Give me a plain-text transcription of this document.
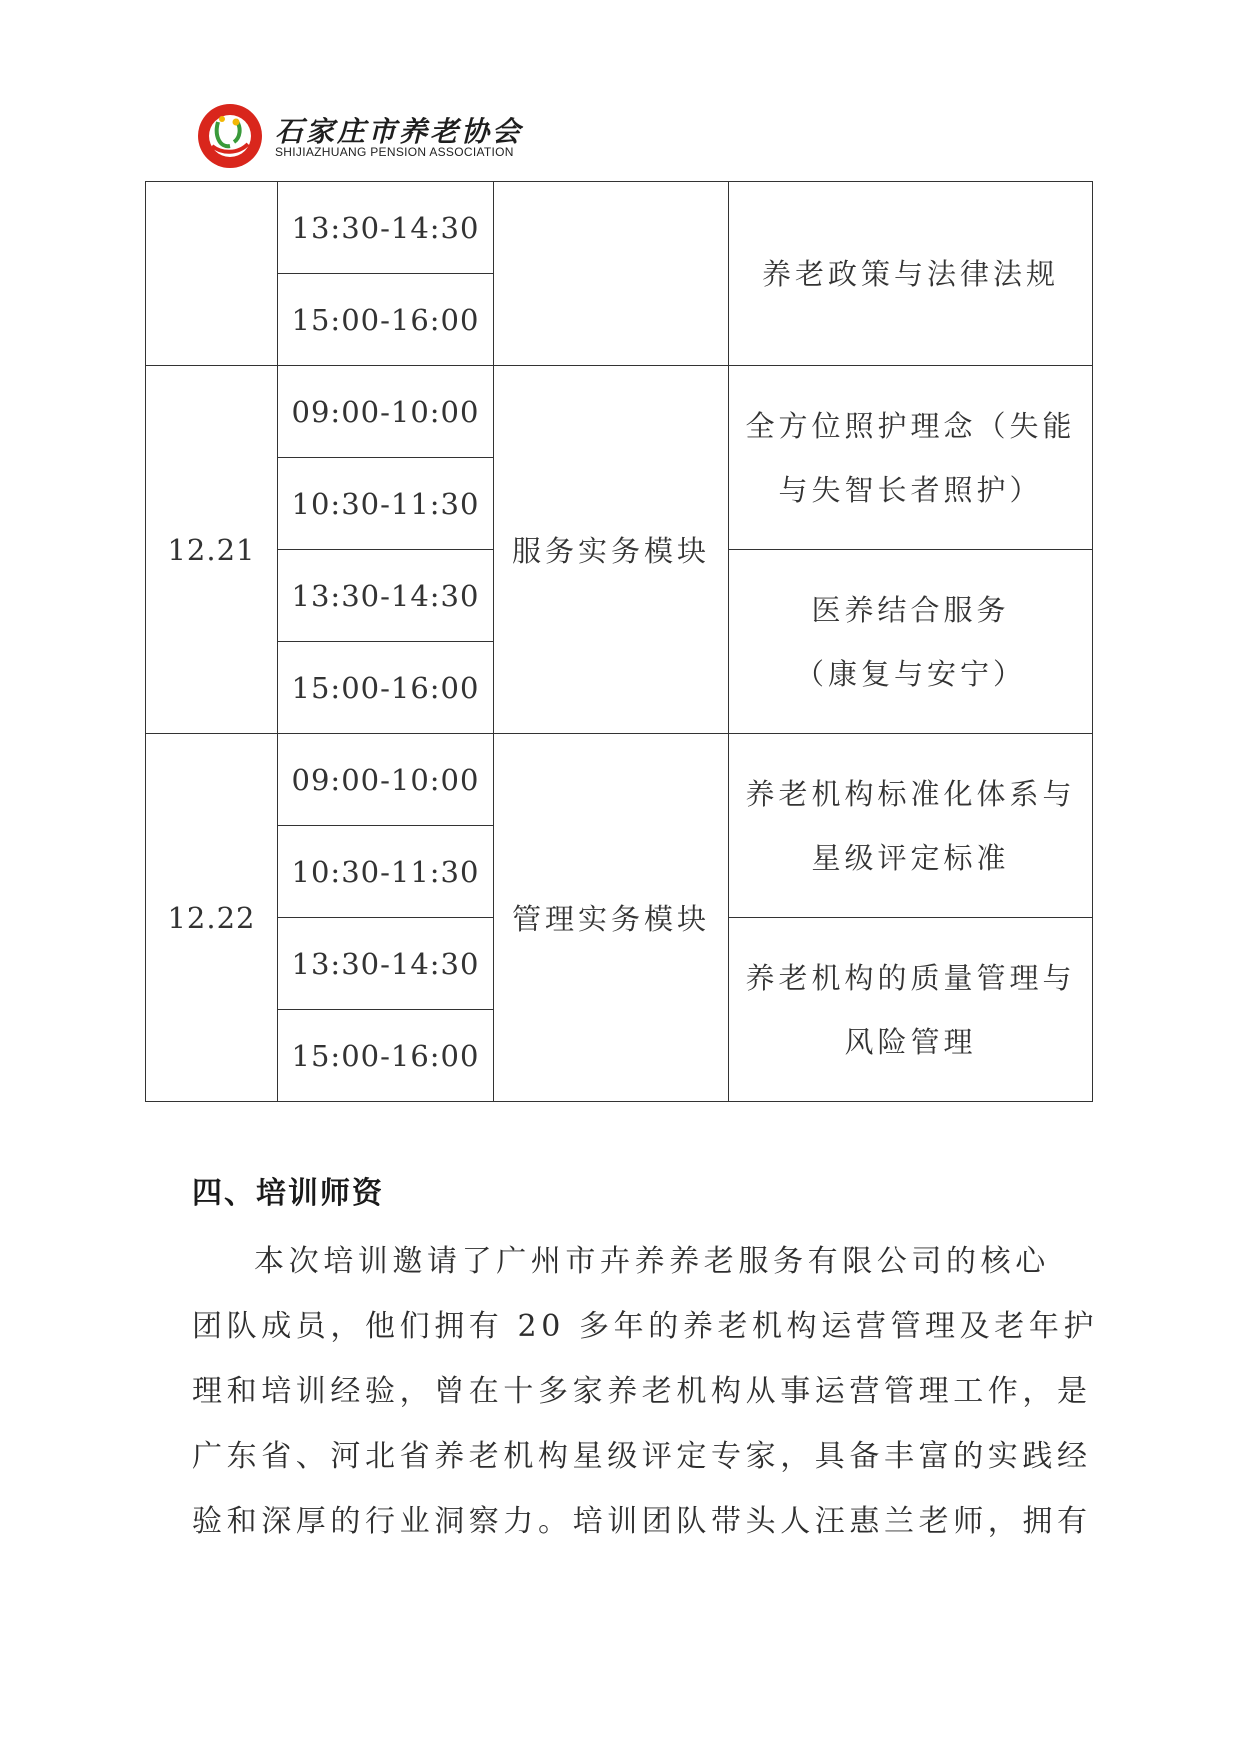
石家庄市养老协会
SHIJIAZHUANG PENSION ASSOCIATION
	13:30-14:30		养老政策与法律法规
	15:00-16:00		
12.21	09:00-10:00	服务实务模块	全方位照护理念（失能
与失智长者照护）
	10:30-11:30		
	13:30-14:30		医养结合服务
（康复与安宁）
	15:00-16:00		
12.22	09:00-10:00	管理实务模块	养老机构标准化体系与
星级评定标准
	10:30-11:30		
	13:30-14:30		养老机构的质量管理与
风险管理
	15:00-16:00		
四、培训师资
本次培训邀请了广州市卉养养老服务有限公司的核心
团队成员，他们拥有 20 多年的养老机构运营管理及老年护
理和培训经验，曾在十多家养老机构从事运营管理工作，是
广东省、河北省养老机构星级评定专家，具备丰富的实践经
验和深厚的行业洞察力。培训团队带头人汪惠兰老师，拥有
